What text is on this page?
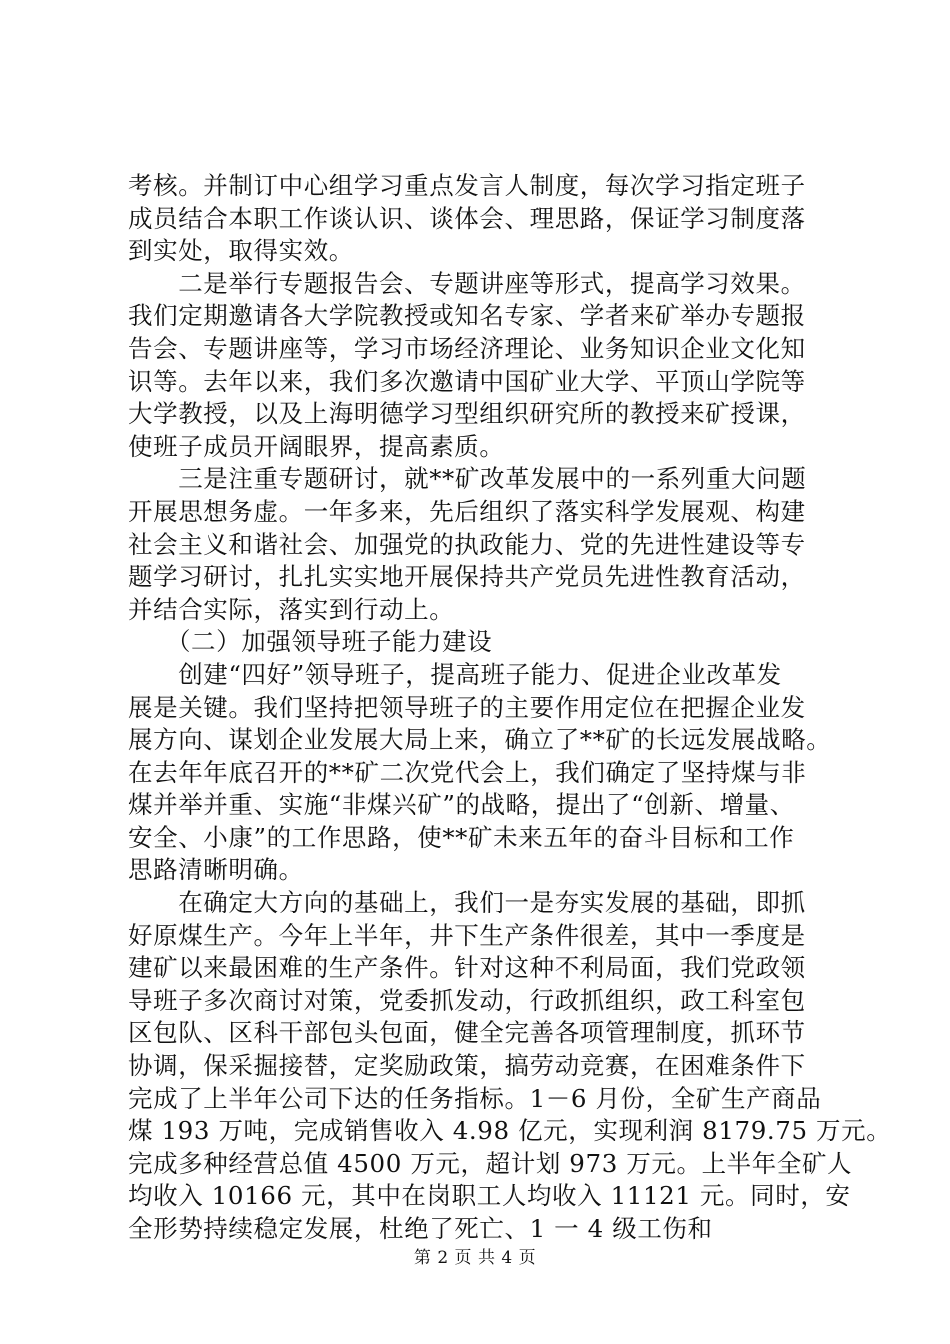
考核。并制订中心组学习重点发言人制度，每次学习指定班子
成员结合本职工作谈认识、谈体会、理思路，保证学习制度落
到实处，取得实效。
　　二是举行专题报告会、专题讲座等形式，提高学习效果。
我们定期邀请各大学院教授或知名专家、学者来矿举办专题报
告会、专题讲座等，学习市场经济理论、业务知识企业文化知
识等。去年以来，我们多次邀请中国矿业大学、平顶山学院等
大学教授，以及上海明德学习型组织研究所的教授来矿授课，
使班子成员开阔眼界，提高素质。
　　三是注重专题研讨，就**矿改革发展中的一系列重大问题
开展思想务虚。一年多来，先后组织了落实科学发展观、构建
社会主义和谐社会、加强党的执政能力、党的先进性建设等专
题学习研讨，扎扎实实地开展保持共产党员先进性教育活动，
并结合实际，落实到行动上。
　　（二）加强领导班子能力建设
　　创建“四好”领导班子，提高班子能力、促进企业改革发
展是关键。我们坚持把领导班子的主要作用定位在把握企业发
展方向、谋划企业发展大局上来，确立了**矿的长远发展战略。
在去年年底召开的**矿二次党代会上，我们确定了坚持煤与非
煤并举并重、实施“非煤兴矿”的战略，提出了“创新、增量、
安全、小康”的工作思路，使**矿未来五年的奋斗目标和工作
思路清晰明确。
　　在确定大方向的基础上，我们一是夯实发展的基础，即抓
好原煤生产。今年上半年，井下生产条件很差，其中一季度是
建矿以来最困难的生产条件。针对这种不利局面，我们党政领
导班子多次商讨对策，党委抓发动，行政抓组织，政工科室包
区包队、区科干部包头包面，健全完善各项管理制度，抓环节
协调，保采掘接替，定奖励政策，搞劳动竞赛，在困难条件下
完成了上半年公司下达的任务指标。1－6 月份，全矿生产商品
煤 193 万吨，完成销售收入 4.98 亿元，实现利润 8179.75 万元。
完成多种经营总值 4500 万元，超计划 973 万元。上半年全矿人
均收入 10166 元，其中在岗职工人均收入 11121 元。同时，安
全形势持续稳定发展，杜绝了死亡、1 一 4 级工伤和
第 2 页 共 4 页
